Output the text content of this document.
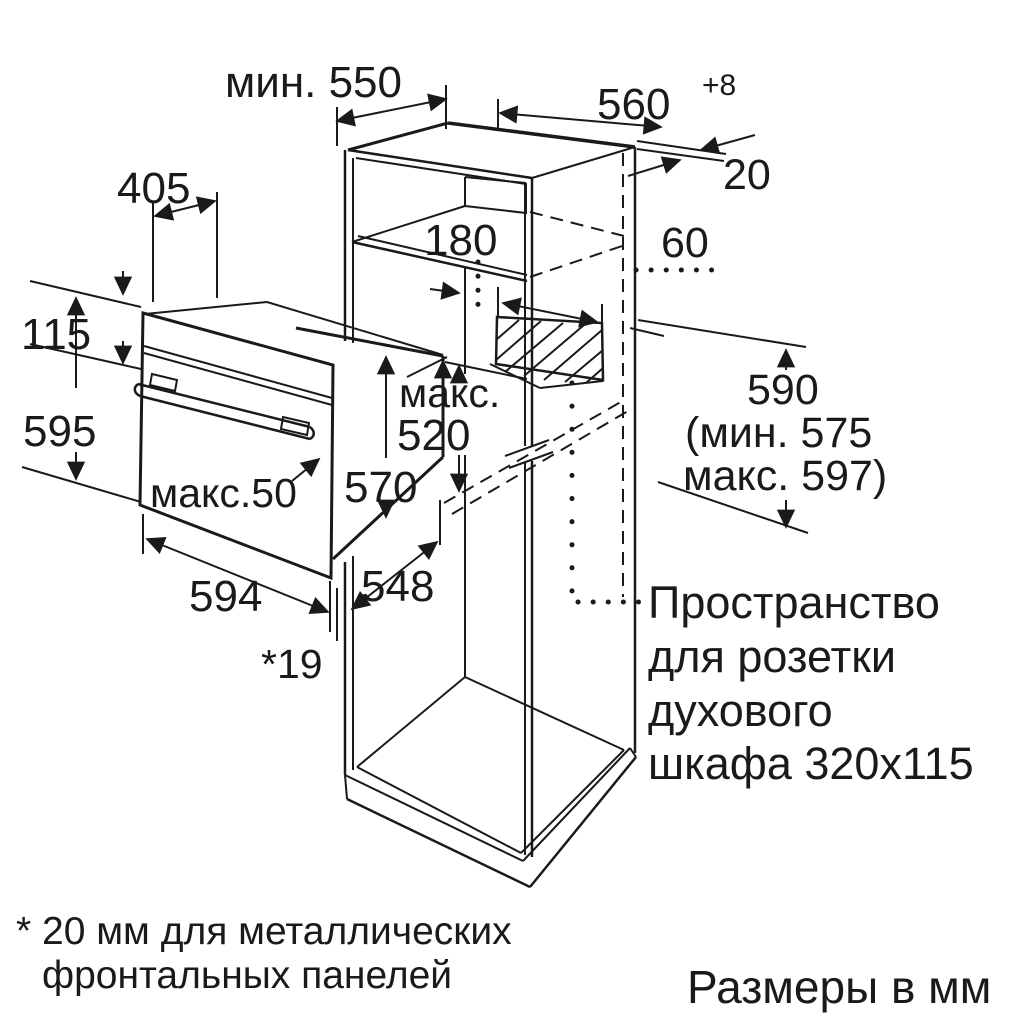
мин. 550	560 +8
20
60
180
405
115
595
макс.
520
570
макс.50
594 548
*19
590
(мин. 575
макс. 597)
Пространство
для розетки
духового
шкафа 320x115
* 20 мм для металлических
фронтальных панелей	Размеры в мм
